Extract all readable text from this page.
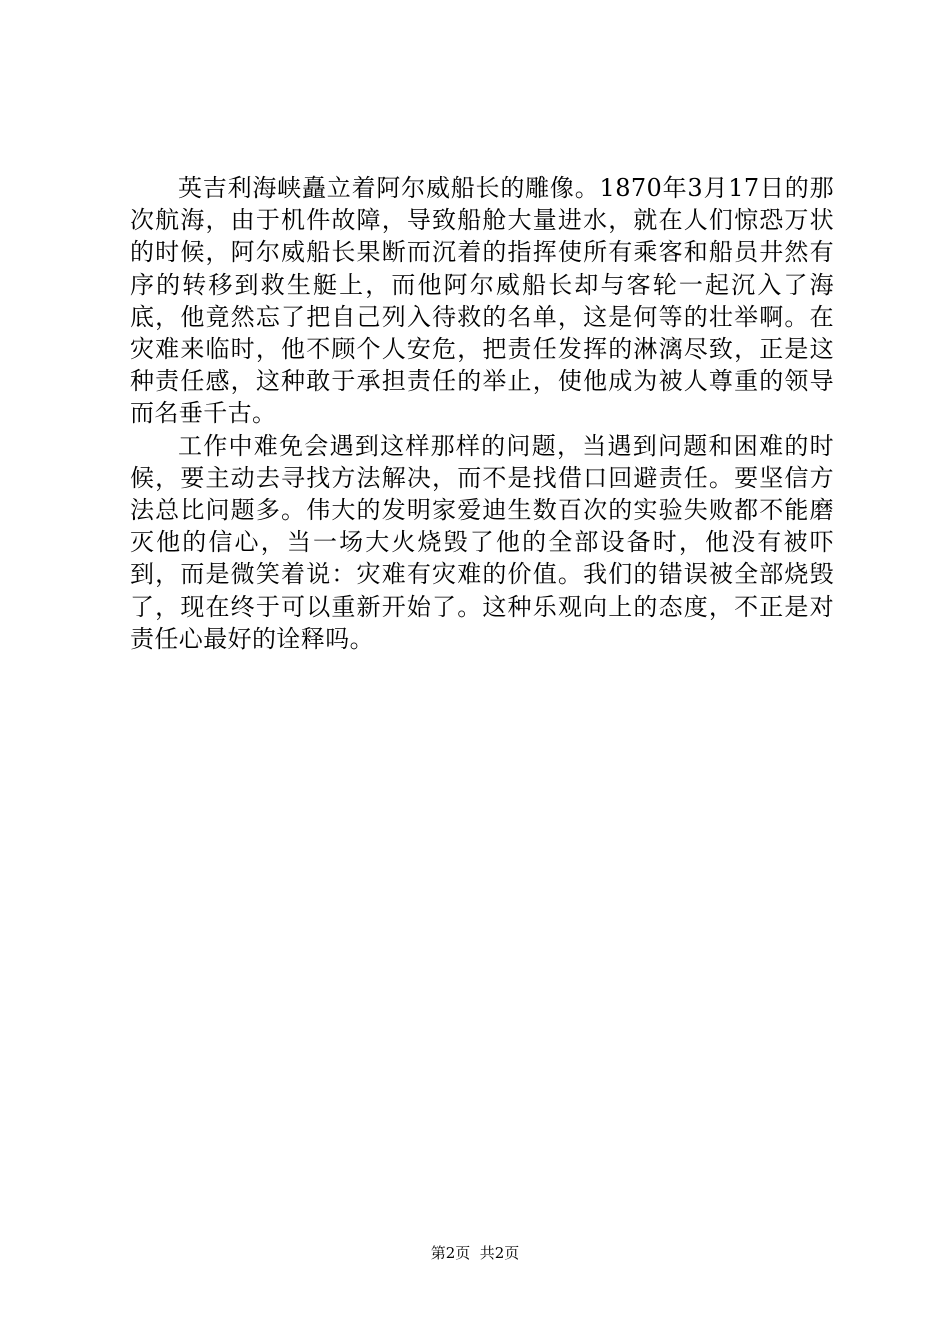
英吉利海峡矗立着阿尔威船长的雕像。1870年3月17日的那次航海，由于机件故障，导致船舱大量进水，就在人们惊恐万状的时候，阿尔威船长果断而沉着的指挥使所有乘客和船员井然有序的转移到救生艇上，而他阿尔威船长却与客轮一起沉入了海底，他竟然忘了把自己列入待救的名单，这是何等的壮举啊。在灾难来临时，他不顾个人安危，把责任发挥的淋漓尽致，正是这种责任感，这种敢于承担责任的举止，使他成为被人尊重的领导而名垂千古。

工作中难免会遇到这样那样的问题，当遇到问题和困难的时候，要主动去寻找方法解决，而不是找借口回避责任。要坚信方法总比问题多。伟大的发明家爱迪生数百次的实验失败都不能磨灭他的信心，当一场大火烧毁了他的全部设备时，他没有被吓到，而是微笑着说：灾难有灾难的价值。我们的错误被全部烧毁了，现在终于可以重新开始了。这种乐观向上的态度，不正是对责任心最好的诠释吗。

第2页  共2页
